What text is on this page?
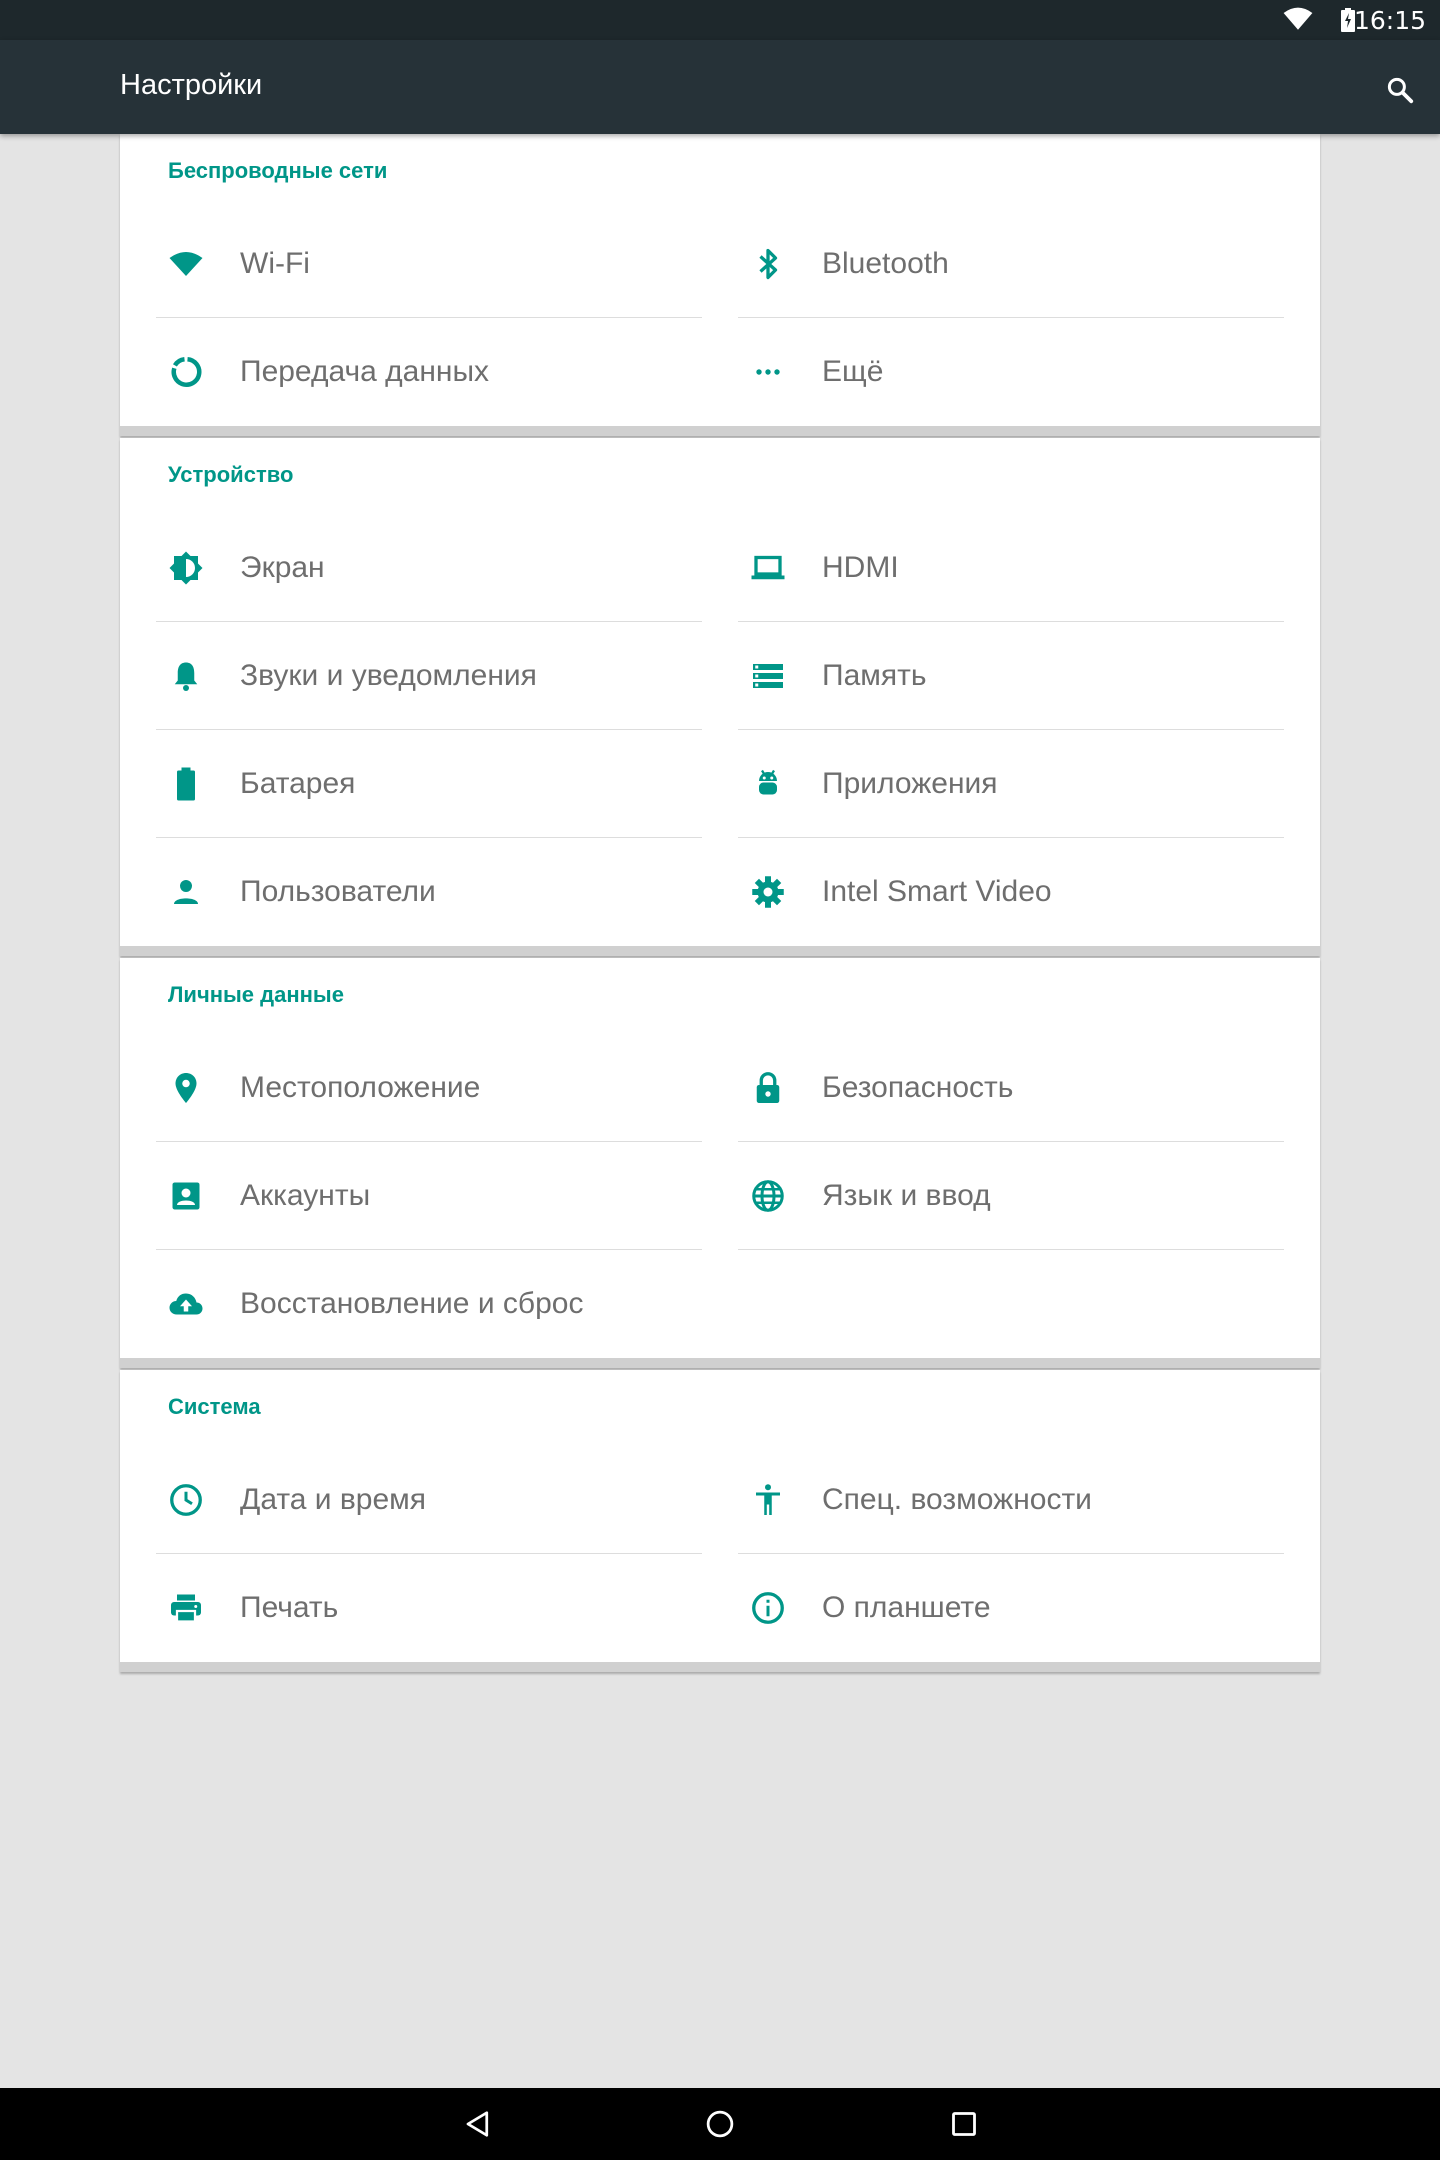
16:15
Настройки
Беспроводные сети
Wi-Fi	Bluetooth
Передача данных	Ещё
Устройство
Экран	HDMI
Звуки и уведомления	Память
Батарея	Приложения
Пользователи	Intel Smart Video
Личные данные
Местоположение	Безопасность
Аккаунты	Язык и ввод
Восстановление и сброс
Система
Дата и время	Спец. возможности
Печать	О планшете
